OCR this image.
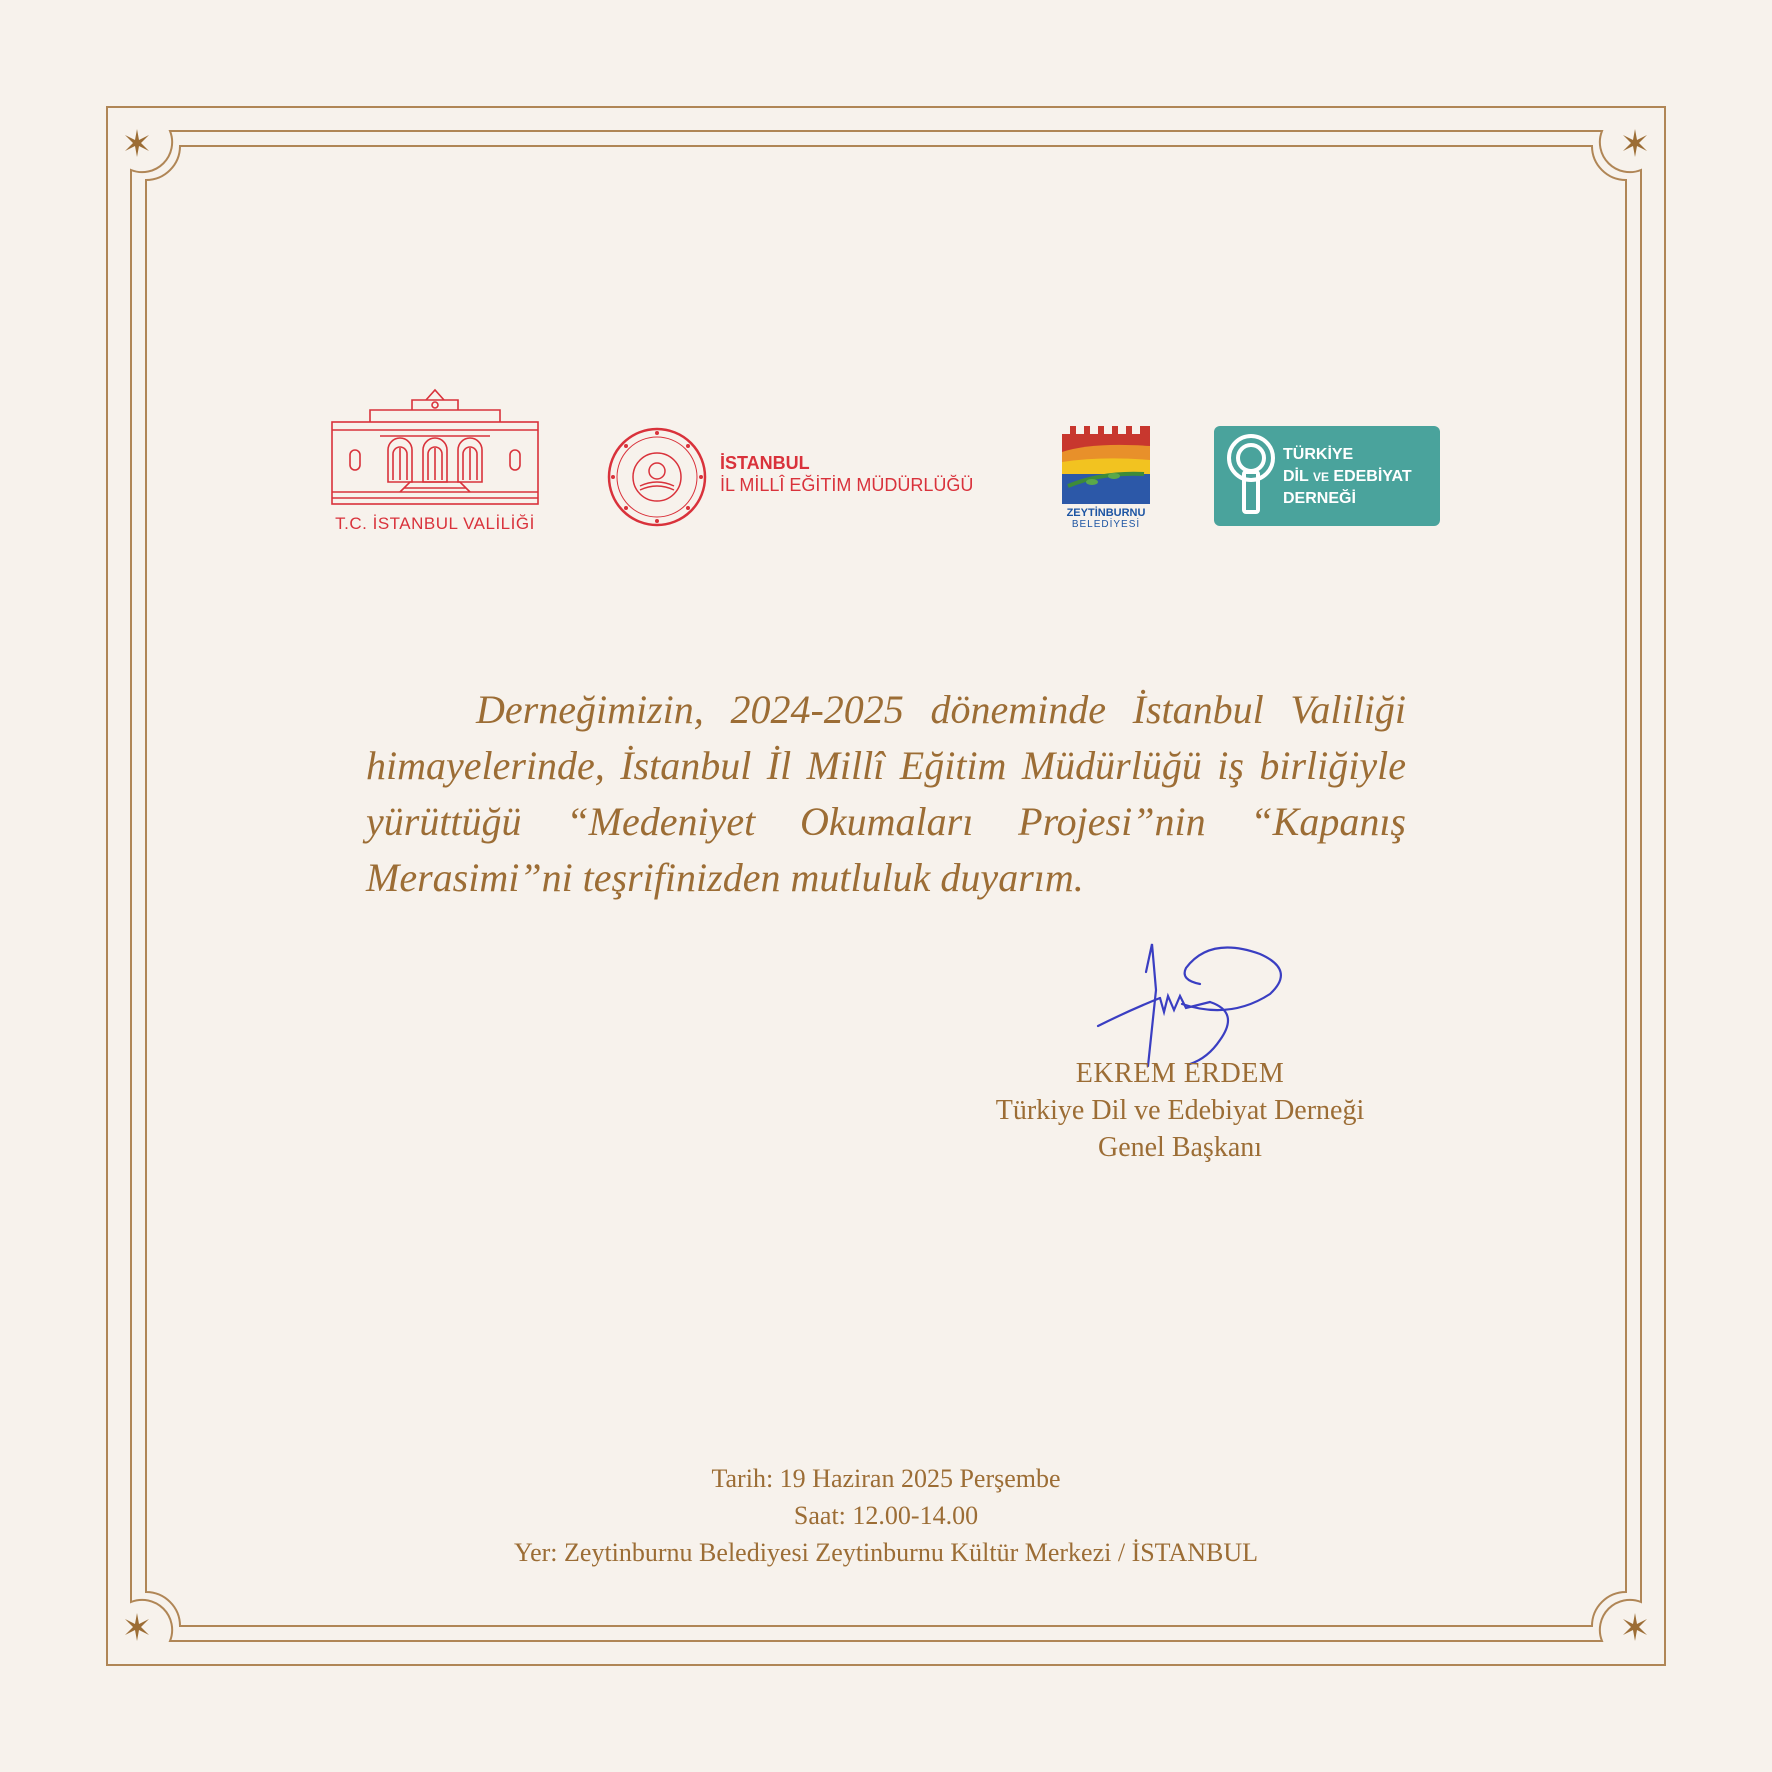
T.C. İSTANBUL VALİLİĞİ
İSTANBUL
İL MİLLÎ EĞİTİM MÜDÜRLÜĞÜ
ZEYTİNBURNU
BELEDİYESİ
TÜRKİYE
DİL VE EDEBİYAT
DERNEĞİ

Derneğimizin, 2024-2025 döneminde İstanbul Valiliği himayelerinde, İstanbul İl Millî Eğitim Müdürlüğü iş birliğiyle yürüttüğü “Medeniyet Okumaları Projesi”nin “Kapanış Merasimi”ni teşrifinizden mutluluk duyarım.

EKREM ERDEM
Türkiye Dil ve Edebiyat Derneği
Genel Başkanı
Tarih: 19 Haziran 2025 Perşembe
Saat: 12.00-14.00
Yer: Zeytinburnu Belediyesi Zeytinburnu Kültür Merkezi / İSTANBUL
